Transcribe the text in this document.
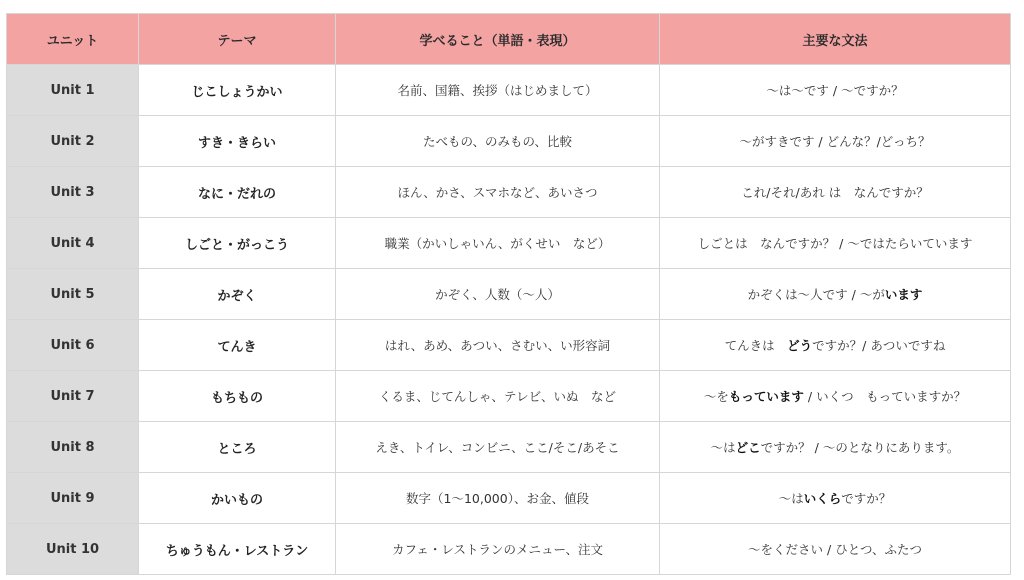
ユニット	テーマ	学べること（単語・表現）	主要な文法
Unit 1	じこしょうかい	名前、国籍、挨拶（はじめまして）	〜は〜です / 〜ですか？
Unit 2	すき・きらい	たべもの、のみもの、比較	〜がすきです / どんな？/どっち？
Unit 3	なに・だれの	ほん、かさ、スマホなど、あいさつ	これ/それ/あれ は　なんですか？
Unit 4	しごと・がっこう	職業（かいしゃいん、がくせい　など）	しごとは　なんですか？ / 〜ではたらいています
Unit 5	かぞく	かぞく、人数（〜人）	かぞくは〜人です / 〜がいます
Unit 6	てんき	はれ、あめ、あつい、さむい、い形容詞	てんきは　どうですか？/ あついですね
Unit 7	もちもの	くるま、じてんしゃ、テレビ、いぬ　など	〜をもっています / いくつ　もっていますか？
Unit 8	ところ	えき、トイレ、コンビニ、ここ/そこ/あそこ	〜はどこですか？ / 〜のとなりにあります。
Unit 9	かいもの	数字（1〜10,000）、お金、値段	〜はいくらですか？
Unit 10	ちゅうもん・レストラン	カフェ・レストランのメニュー、注文	〜をください / ひとつ、ふたつ
